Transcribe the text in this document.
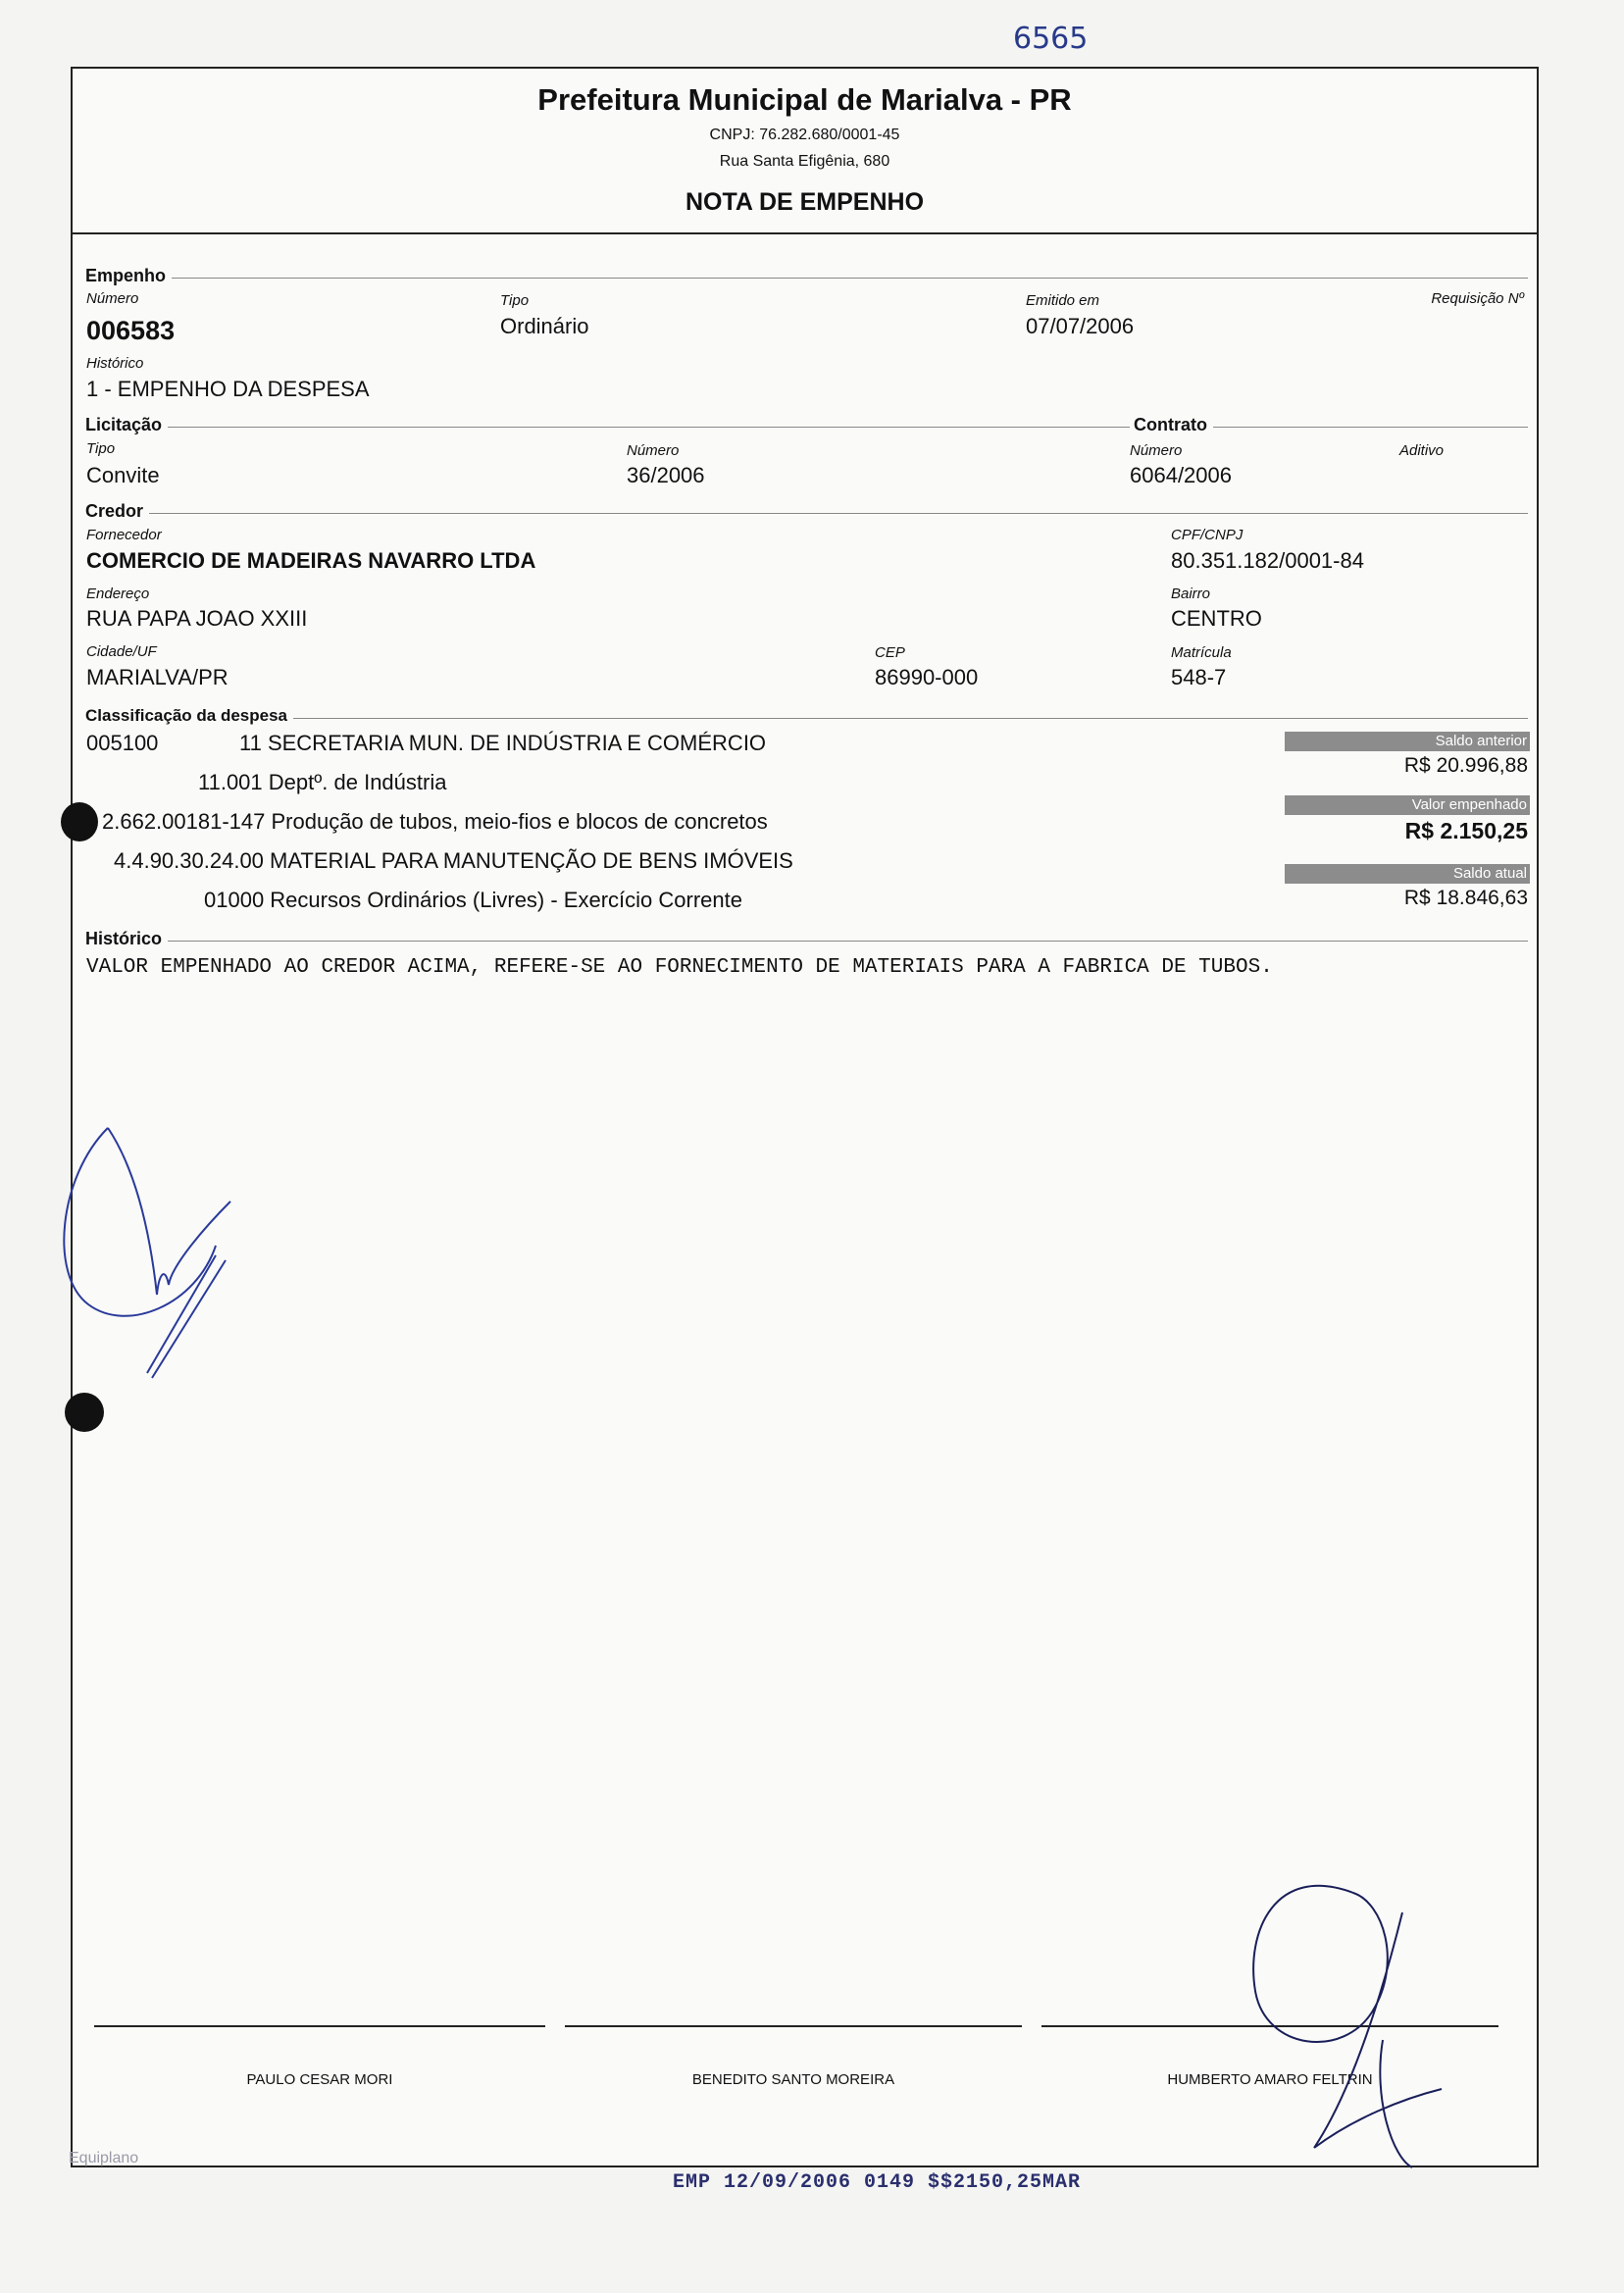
6565
Prefeitura Municipal de Marialva - PR
CNPJ: 76.282.680/0001-45
Rua Santa Efigênia, 680
NOTA DE EMPENHO
Empenho
Número
006583
Tipo
Ordinário
Emitido em
07/07/2006
Requisição Nº
Histórico
1 - EMPENHO DA DESPESA
Licitação	Contrato
Tipo
Convite
Número
36/2006
Número
6064/2006
Aditivo
Credor
Fornecedor
COMERCIO DE MADEIRAS NAVARRO LTDA
CPF/CNPJ
80.351.182/0001-84
Endereço
RUA PAPA JOAO XXIII
Bairro
CENTRO
Cidade/UF
MARIALVA/PR
CEP
86990-000
Matrícula
548-7
Classificação da despesa
005100	11 SECRETARIA MUN. DE INDÚSTRIA E COMÉRCIO
11.001 Deptº. de Indústria
2.662.00181-147 Produção de tubos, meio-fios e blocos de concretos
4.4.90.30.24.00 MATERIAL PARA MANUTENÇÃO DE BENS IMÓVEIS
01000 Recursos Ordinários (Livres) - Exercício Corrente
Saldo anterior
R$ 20.996,88
Valor empenhado
R$ 2.150,25
Saldo atual
R$ 18.846,63
Histórico
VALOR EMPENHADO AO CREDOR ACIMA, REFERE-SE AO FORNECIMENTO DE MATERIAIS PARA A FABRICA DE TUBOS.
PAULO CESAR MORI	BENEDITO SANTO MOREIRA	HUMBERTO AMARO FELTRIN
Equiplano
EMP 12/09/2006 0149 $$2150,25MAR
